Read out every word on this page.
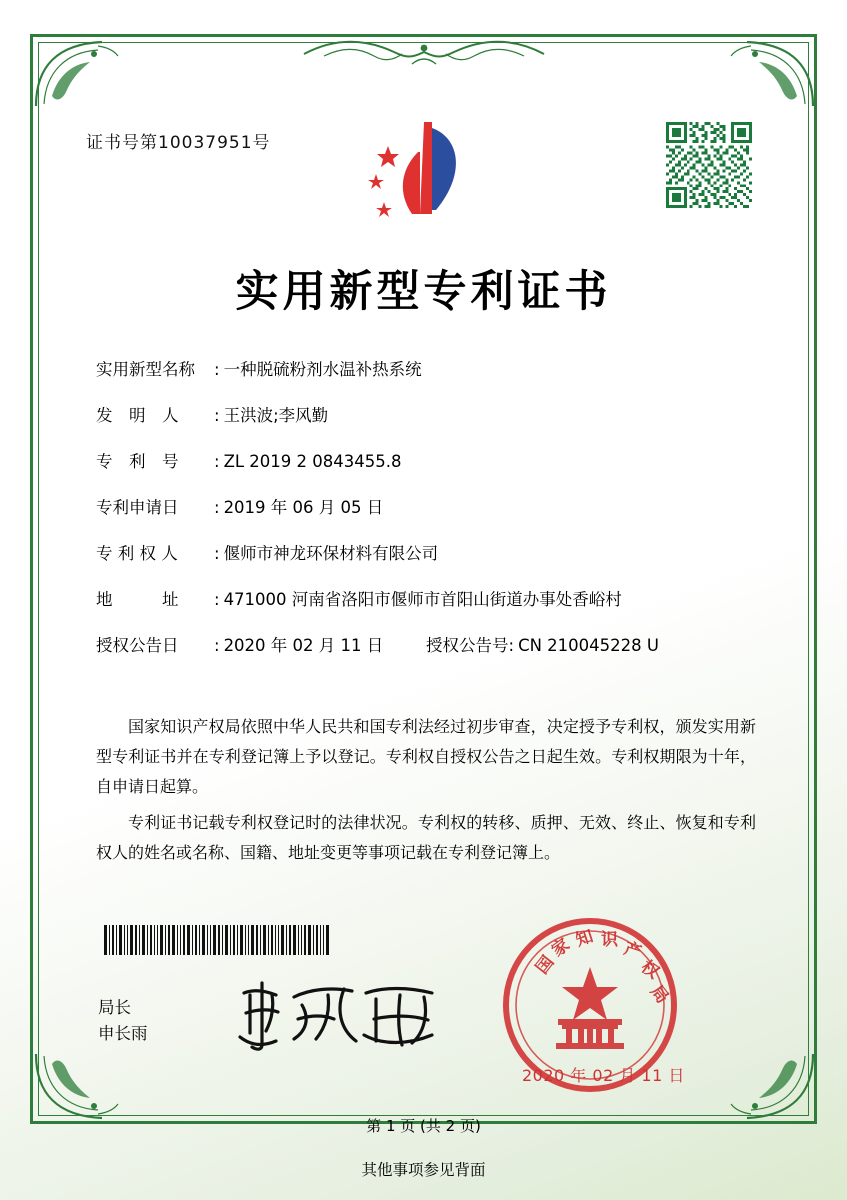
证书号第10037951号
实用新型专利证书
实用新型名称	: 一种脱硫粉剂水温补热系统
发　明　人	: 王洪波;李风勤
专　利　号	: ZL 2019 2 0843455.8
专利申请日	: 2019 年 06 月 05 日
专 利 权 人	: 偃师市神龙环保材料有限公司
地　　　址	: 471000 河南省洛阳市偃师市首阳山街道办事处香峪村
授权公告日	: 2020 年 02 月 11 日	授权公告号 : CN 210045228 U

国家知识产权局依照中华人民共和国专利法经过初步审查，决定授予专利权，颁发实用新型专利证书并在专利登记簿上予以登记。专利权自授权公告之日起生效。专利权期限为十年，自申请日起算。

专利证书记载专利权登记时的法律状况。专利权的转移、质押、无效、终止、恢复和专利权人的姓名或名称、国籍、地址变更等事项记载在专利登记簿上。

局长
申长雨
国
家 知 识 产
权
局
2020 年 02 月 11 日
第 1 页 (共 2 页)
其他事项参见背面
